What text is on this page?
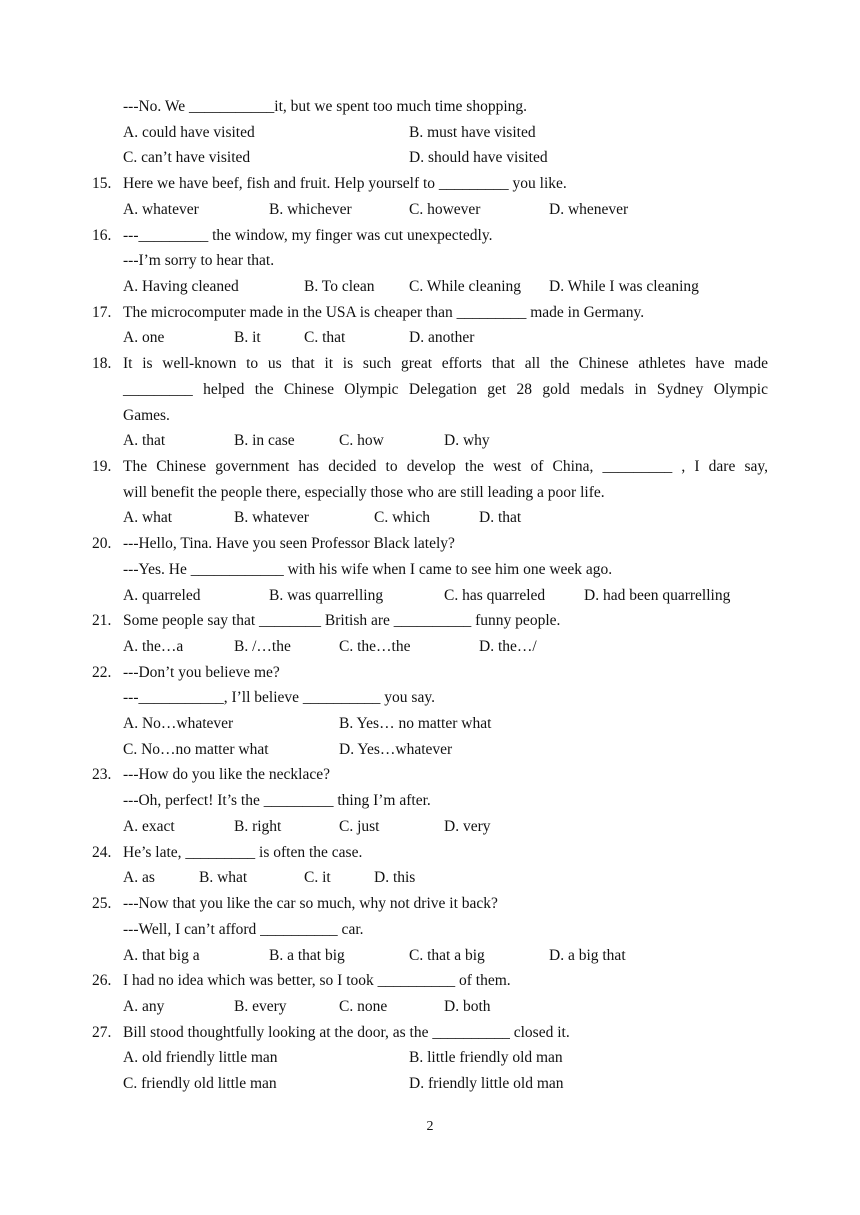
---No. We ___________it, but we spent too much time shopping.
A. could have visited	B. must have visited
C. can’t have visited	D. should have visited
15. Here we have beef, fish and fruit. Help yourself to _________ you like.
A. whatever	B. whichever	C. however	D. whenever
16. ---_________ the window, my finger was cut unexpectedly.
---I’m sorry to hear that.
A. Having cleaned	B. To clean C. While cleaning D. While I was cleaning
17. The microcomputer made in the USA is cheaper than _________ made in Germany.
A. one	B. it	C. that	D. another
18. It is well-known to us that it is such great efforts that all the Chinese athletes have made
_________ helped the Chinese Olympic Delegation get 28 gold medals in Sydney Olympic
Games.
A. that	B. in case	C. how	D. why
19. The Chinese government has decided to develop the west of China, _________ , I dare say,
will benefit the people there, especially those who are still leading a poor life.
A. what	B. whatever	C. which	D. that
20. ---Hello, Tina. Have you seen Professor Black lately?
---Yes. He ____________ with his wife when I came to see him one week ago.
A. quarreled	B. was quarrelling	C. has quarreled	D. had been quarrelling
21. Some people say that ________ British are __________ funny people.
A. the…a	B. /…the	C. the…the	D. the…/
22. ---Don’t you believe me?
---___________, I’ll believe __________ you say.
A. No…whatever	B. Yes… no matter what
C. No…no matter what	D. Yes…whatever
23. ---How do you like the necklace?
---Oh, perfect! It’s the _________ thing I’m after.
A. exact	B. right	C. just	D. very
24. He’s late, _________ is often the case.
A. as	B. what	C. it	D. this
25. ---Now that you like the car so much, why not drive it back?
---Well, I can’t afford __________ car.
A. that big a	B. a that big	C. that a big	D. a big that
26. I had no idea which was better, so I took __________ of them.
A. any	B. every	C. none	D. both
27. Bill stood thoughtfully looking at the door, as the __________ closed it.
A. old friendly little man	B. little friendly old man
C. friendly old little man	D. friendly little old man
2
